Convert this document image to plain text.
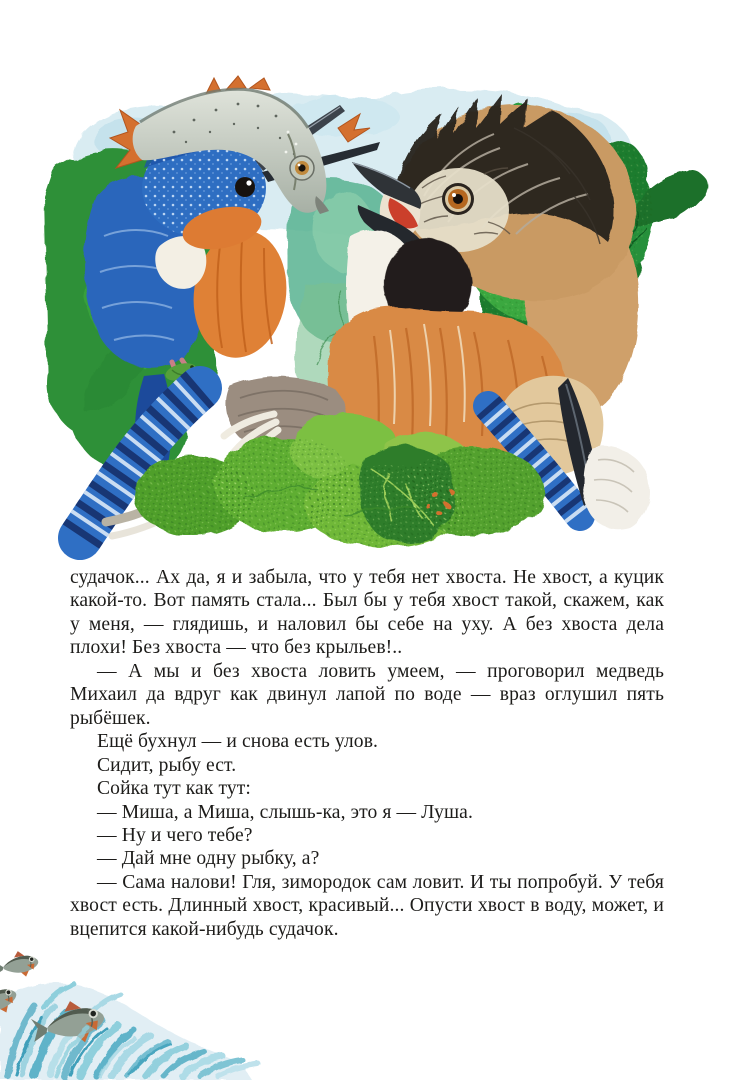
судачок... Ах да, я и забыла, что у тебя нет хвоста. Не хвост, а куцик какой-то. Вот память стала... Был бы у тебя хвост такой, скажем, как у меня, — глядишь, и наловил бы себе на уху. А без хвоста дела плохи! Без хвоста — что без крыльев!..

— А мы и без хвоста ловить умеем, — проговорил медведь Михаил да вдруг как двинул лапой по воде — враз оглушил пять рыбёшек.

Ещё бухнул — и снова есть улов.

Сидит, рыбу ест.

Сойка тут как тут:

— Миша, а Миша, слышь-ка, это я — Луша.

— Ну и чего тебе?

— Дай мне одну рыбку, а?

— Сама налови! Гля, зимородок сам ловит. И ты попробуй. У тебя хвост есть. Длинный хвост, красивый... Опусти хвост в воду, может, и вцепится какой-нибудь судачок.
